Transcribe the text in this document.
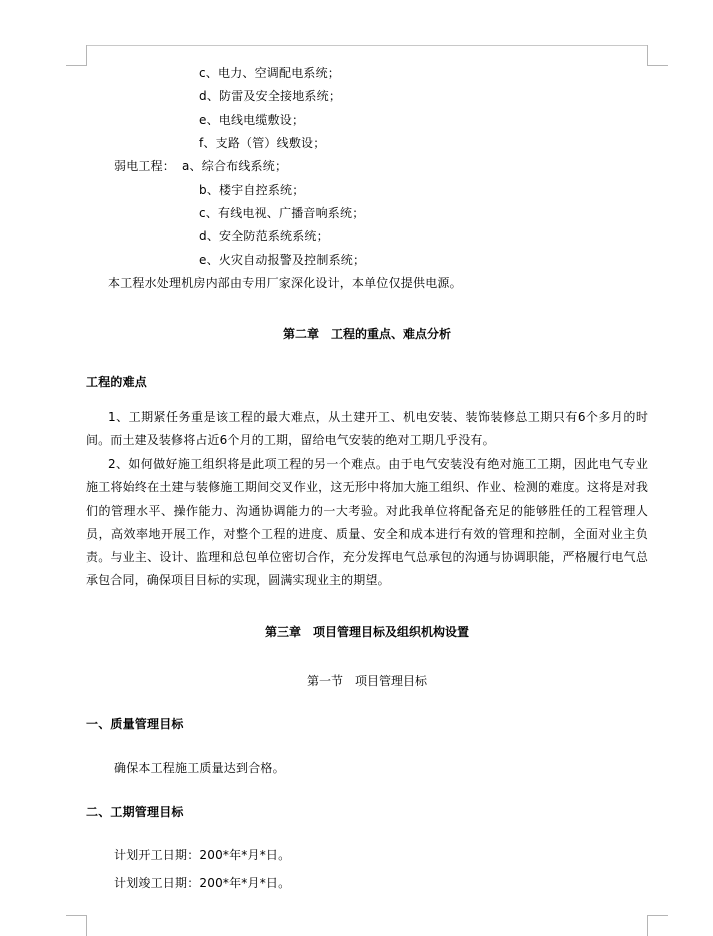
c、电力、空调配电系统；
d、防雷及安全接地系统；
e、电线电缆敷设；
f、支路（管）线敷设；
弱电工程： a、综合布线系统；
b、楼宇自控系统；
c、有线电视、广播音响系统；
d、安全防范系统系统；
e、火灾自动报警及控制系统；
本工程水处理机房内部由专用厂家深化设计，本单位仅提供电源。
第二章　工程的重点、难点分析
工程的难点
1、工期紧任务重是该工程的最大难点，从土建开工、机电安装、装饰装修总工期只有6个多月的时间。而土建及装修将占近6个月的工期，留给电气安装的绝对工期几乎没有。
2、如何做好施工组织将是此项工程的另一个难点。由于电气安装没有绝对施工工期，因此电气专业施工将始终在土建与装修施工期间交叉作业，这无形中将加大施工组织、作业、检测的难度。这将是对我们的管理水平、操作能力、沟通协调能力的一大考验。对此我单位将配备充足的能够胜任的工程管理人员，高效率地开展工作，对整个工程的进度、质量、安全和成本进行有效的管理和控制，全面对业主负责。与业主、设计、监理和总包单位密切合作，充分发挥电气总承包的沟通与协调职能，严格履行电气总承包合同，确保项目目标的实现，圆满实现业主的期望。
第三章　项目管理目标及组织机构设置
第一节　项目管理目标
一、质量管理目标
确保本工程施工质量达到合格。
二、工期管理目标
计划开工日期：200*年*月*日。
计划竣工日期：200*年*月*日。
